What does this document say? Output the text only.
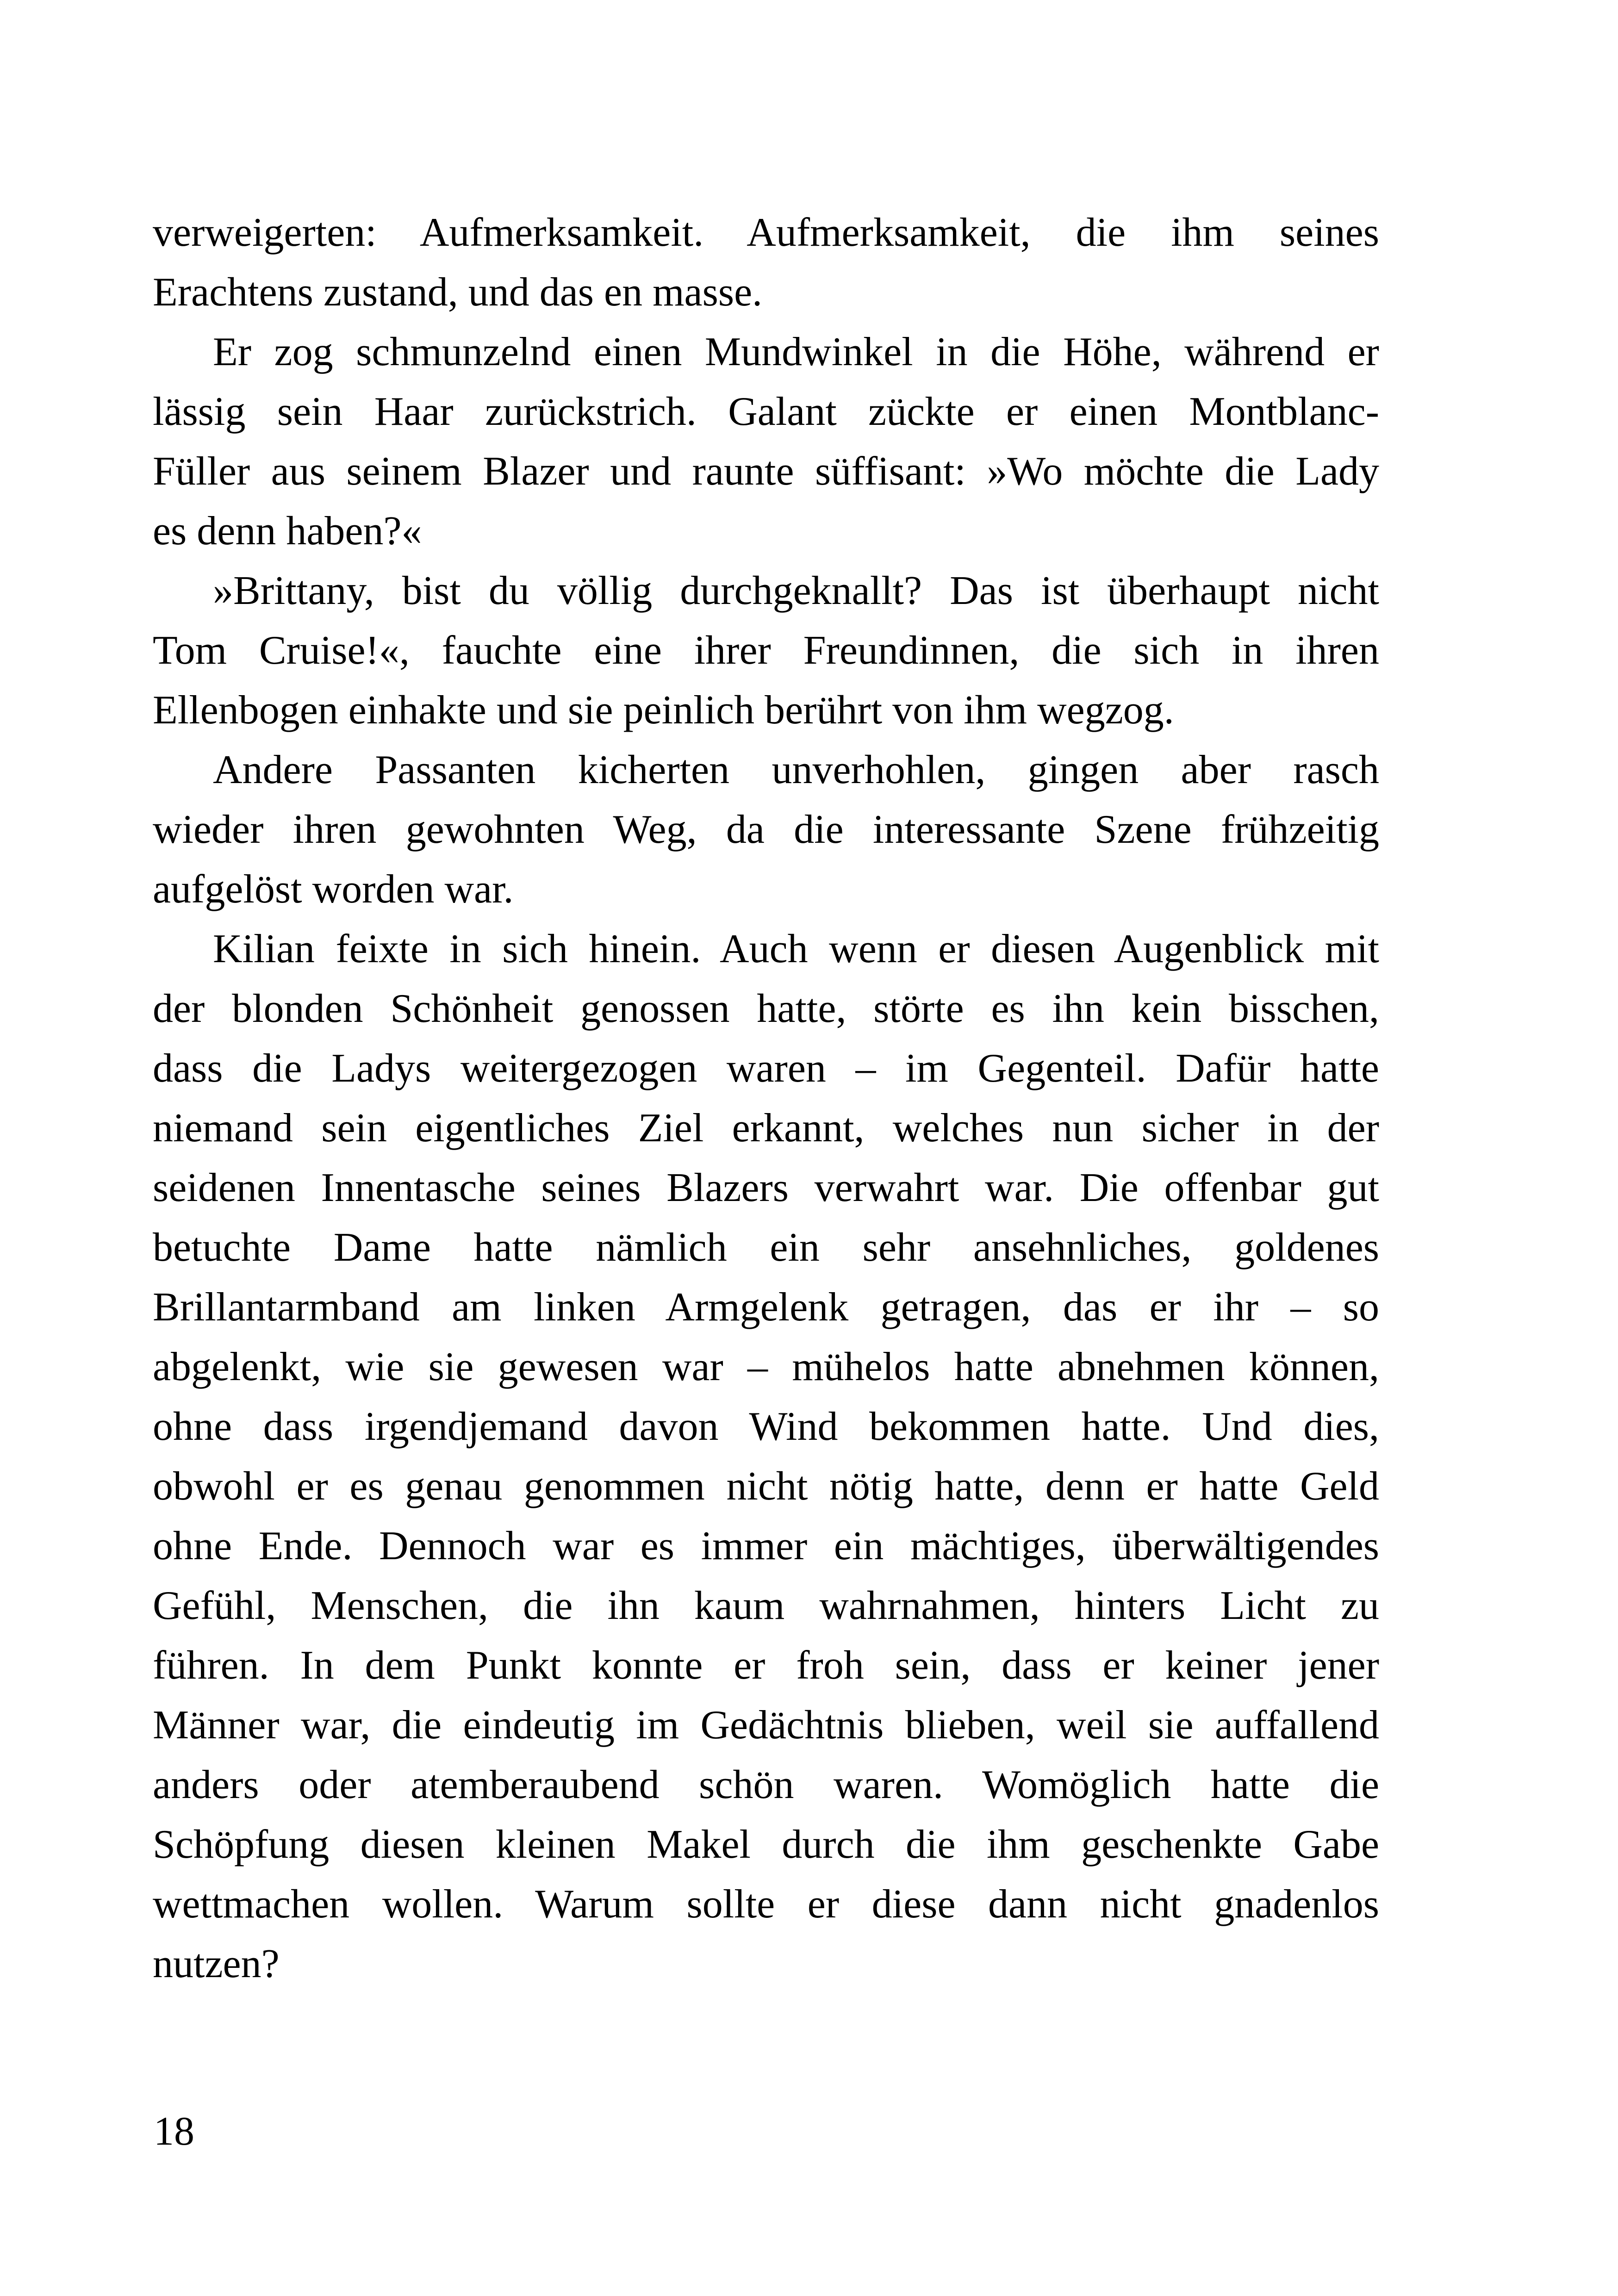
verweigerten: Aufmerksamkeit. Aufmerksamkeit, die ihm seines
Erachtens zustand, und das en masse.
Er zog schmunzelnd einen Mundwinkel in die Höhe, während er
lässig sein Haar zurückstrich. Galant zückte er einen Montblanc-
Füller aus seinem Blazer und raunte süffisant: »Wo möchte die Lady
es denn haben?«
»Brittany, bist du völlig durchgeknallt? Das ist überhaupt nicht
Tom Cruise!«, fauchte eine ihrer Freundinnen, die sich in ihren
Ellenbogen einhakte und sie peinlich berührt von ihm wegzog.
Andere Passanten kicherten unverhohlen, gingen aber rasch
wieder ihren gewohnten Weg, da die interessante Szene frühzeitig
aufgelöst worden war.
Kilian feixte in sich hinein. Auch wenn er diesen Augenblick mit
der blonden Schönheit genossen hatte, störte es ihn kein bisschen,
dass die Ladys weitergezogen waren – im Gegenteil. Dafür hatte
niemand sein eigentliches Ziel erkannt, welches nun sicher in der
seidenen Innentasche seines Blazers verwahrt war. Die offenbar gut
betuchte Dame hatte nämlich ein sehr ansehnliches, goldenes
Brillantarmband am linken Armgelenk getragen, das er ihr – so
abgelenkt, wie sie gewesen war – mühelos hatte abnehmen können,
ohne dass irgendjemand davon Wind bekommen hatte. Und dies,
obwohl er es genau genommen nicht nötig hatte, denn er hatte Geld
ohne Ende. Dennoch war es immer ein mächtiges, überwältigendes
Gefühl, Menschen, die ihn kaum wahrnahmen, hinters Licht zu
führen. In dem Punkt konnte er froh sein, dass er keiner jener
Männer war, die eindeutig im Gedächtnis blieben, weil sie auffallend
anders oder atemberaubend schön waren. Womöglich hatte die
Schöpfung diesen kleinen Makel durch die ihm geschenkte Gabe
wettmachen wollen. Warum sollte er diese dann nicht gnadenlos
nutzen?
18
